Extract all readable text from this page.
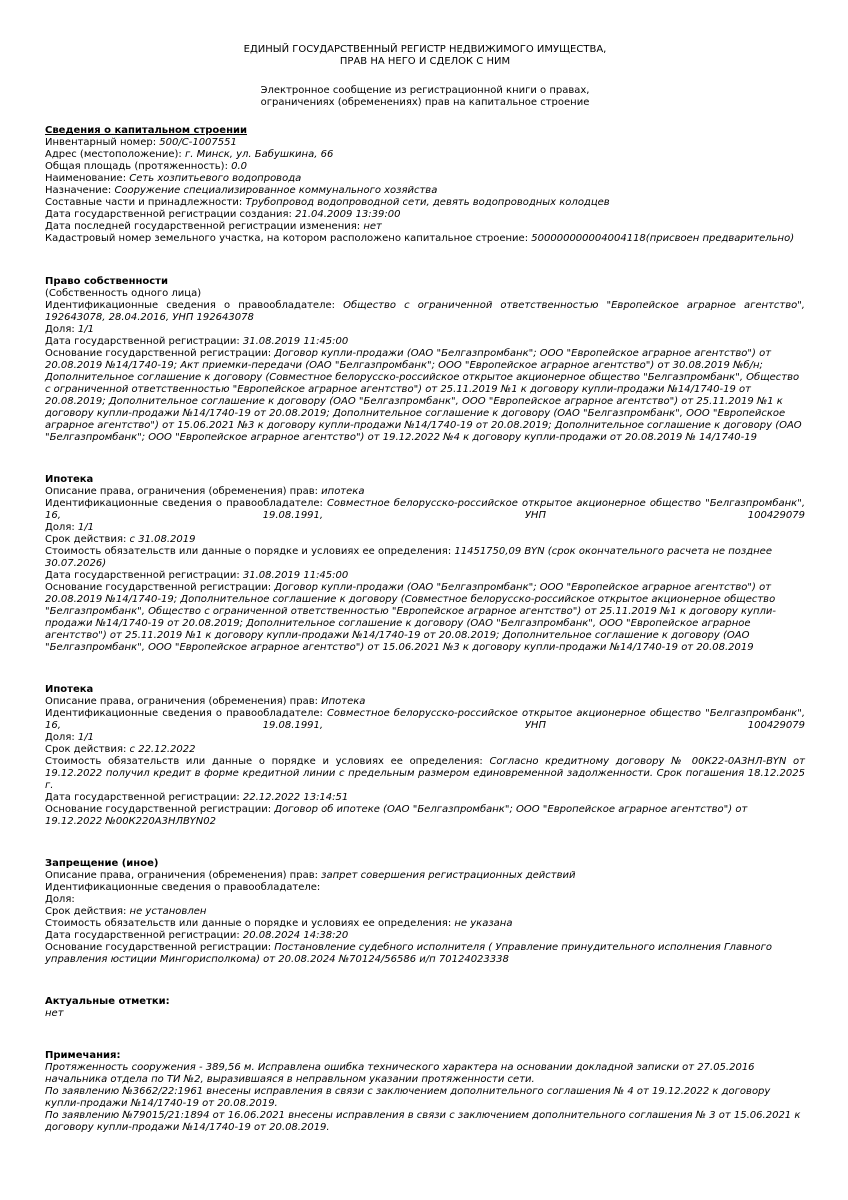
ЕДИНЫЙ ГОСУДАРСТВЕННЫЙ РЕГИСТР НЕДВИЖИМОГО ИМУЩЕСТВА,
ПРАВ НА НЕГО И СДЕЛОК С НИМ
Электронное сообщение из регистрационной книги о правах,
ограничениях (обременениях) прав на капитальное строение
Сведения о капитальном строении
Инвентарный номер: 500/С-1007551
Адрес (местоположение): г. Минск, ул. Бабушкина, 66
Общая площадь (протяженность): 0.0
Наименование: Сеть хозпитьевого водопровода
Назначение: Сооружение специализированное коммунального хозяйства
Составные части и принадлежности: Трубопровод водопроводной сети, девять водопроводных колодцев
Дата государственной регистрации создания: 21.04.2009 13:39:00
Дата последней государственной регистрации изменения: нет
Кадастровый номер земельного участка, на котором расположено капитальное строение: 500000000004004118(присвоен предварительно)
Право собственности
(Собственность одного лица)
Идентификационные сведения о правообладателе: Общество с ограниченной ответственностью "Европейское аграрное агентство", 192643078, 28.04.2016, УНП 192643078
Доля: 1/1
Дата государственной регистрации: 31.08.2019 11:45:00
Основание государственной регистрации: Договор купли-продажи (ОАО "Белгазпромбанк"; ООО "Европейское аграрное агентство") от 20.08.2019 №14/1740-19; Акт приемки-передачи (ОАО "Белгазпромбанк"; ООО "Европейское аграрное агентство") от 30.08.2019 №б/н; Дополнительное соглашение к договору (Совместное белорусско-российское открытое акционерное общество "Белгазпромбанк", Общество с ограниченной ответственностью "Европейское аграрное агентство") от 25.11.2019 №1 к договору купли-продажи №14/1740-19 от 20.08.2019; Дополнительное соглашение к договору (ОАО "Белгазпромбанк", ООО "Европейское аграрное агентство") от 25.11.2019 №1 к договору купли-продажи №14/1740-19 от 20.08.2019; Дополнительное соглашение к договору (ОАО "Белгазпромбанк", ООО "Европейское аграрное агентство") от 15.06.2021 №3 к договору купли-продажи №14/1740-19 от 20.08.2019; Дополнительное соглашение к договору (ОАО "Белгазпромбанк"; ООО "Европейское аграрное агентство") от 19.12.2022 №4 к договору купли-продажи от 20.08.2019 № 14/1740-19
Ипотека
Описание права, ограничения (обременения) прав: ипотека
Идентификационные сведения о правообладателе: Совместное белорусско-российское открытое акционерное общество "Белгазпромбанк", 16, 19.08.1991, УНП 100429079
Доля: 1/1
Срок действия: с 31.08.2019
Стоимость обязательств или данные о порядке и условиях ее определения: 11451750,09 BYN (срок окончательного расчета не позднее 30.07.2026)
Дата государственной регистрации: 31.08.2019 11:45:00
Основание государственной регистрации: Договор купли-продажи (ОАО "Белгазпромбанк"; ООО "Европейское аграрное агентство") от 20.08.2019 №14/1740-19; Дополнительное соглашение к договору (Совместное белорусско-российское открытое акционерное общество "Белгазпромбанк", Общество с ограниченной ответственностью "Европейское аграрное агентство") от 25.11.2019 №1 к договору купли-продажи №14/1740-19 от 20.08.2019; Дополнительное соглашение к договору (ОАО "Белгазпромбанк", ООО "Европейское аграрное агентство") от 25.11.2019 №1 к договору купли-продажи №14/1740-19 от 20.08.2019; Дополнительное соглашение к договору (ОАО "Белгазпромбанк", ООО "Европейское аграрное агентство") от 15.06.2021 №3 к договору купли-продажи №14/1740-19 от 20.08.2019
Ипотека
Описание права, ограничения (обременения) прав: Ипотека
Идентификационные сведения о правообладателе: Совместное белорусско-российское открытое акционерное общество "Белгазпромбанк", 16, 19.08.1991, УНП 100429079
Доля: 1/1
Срок действия: с 22.12.2022
Стоимость обязательств или данные о порядке и условиях ее определения: Согласно кредитному договору № 00К22-0А3НЛ-BYN от 19.12.2022 получил кредит в форме кредитной линии с предельным размером единовременной задолженности. Срок погашения 18.12.2025 г.
Дата государственной регистрации: 22.12.2022 13:14:51
Основание государственной регистрации: Договор об ипотеке (ОАО "Белгазпромбанк"; ООО "Европейское аграрное агентство") от 19.12.2022 №00К220А3НЛBYN02
Запрещение (иное)
Описание права, ограничения (обременения) прав: запрет совершения регистрационных действий
Идентификационные сведения о правообладателе:
Доля:
Срок действия: не установлен
Стоимость обязательств или данные о порядке и условиях ее определения: не указана
Дата государственной регистрации: 20.08.2024 14:38:20
Основание государственной регистрации: Постановление судебного исполнителя ( Управление принудительного исполнения Главного управления юстиции Мингорисполкома) от 20.08.2024 №70124/56586 и/п 70124023338
Актуальные отметки:
нет
Примечания:
Протяженность сооружения - 389,56 м. Исправлена ошибка технического характера на основании докладной записки от 27.05.2016 начальника отдела по ТИ №2, выразившаяся в неправльном указании протяженности сети.
По заявлению №3662/22:1961 внесены исправления в связи с заключением дополнительного соглашения № 4 от 19.12.2022 к договору купли-продажи №14/1740-19 от 20.08.2019.
По заявлению №79015/21:1894 от 16.06.2021 внесены исправления в связи с заключением дополнительного соглашения № 3 от 15.06.2021 к договору купли-продажи №14/1740-19 от 20.08.2019.
